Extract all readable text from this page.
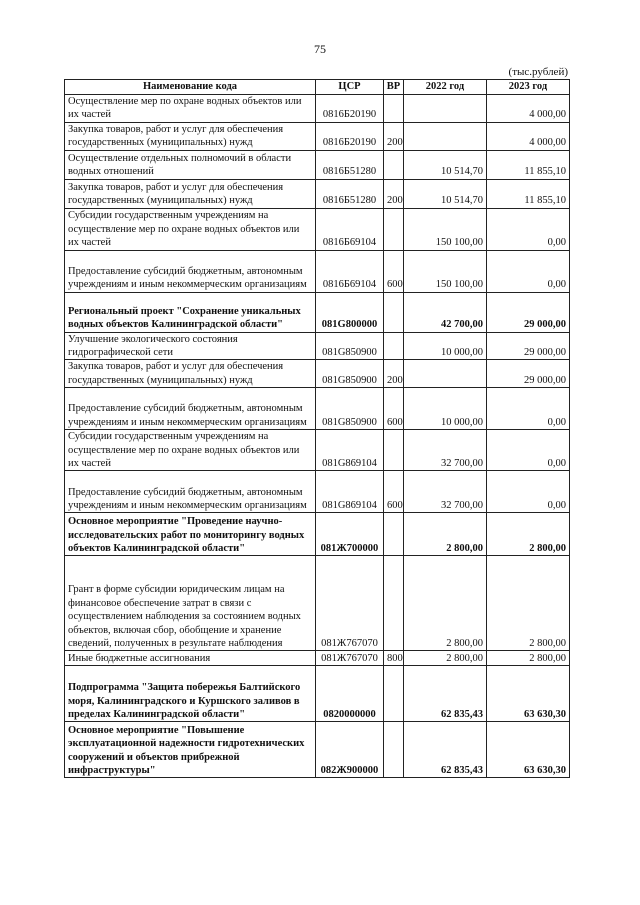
75
(тыс.рублей)
Наименование кода	ЦСР	ВР	2022 год	2023 год
Осуществление мер по охране водных объектов или их частей	0816Б20190			4 000,00
Закупка товаров, работ и услуг для обеспечения государственных (муниципальных) нужд	0816Б20190	200		4 000,00
Осуществление отдельных полномочий в области водных отношений	0816Б51280		10 514,70	11 855,10
Закупка товаров, работ и услуг для обеспечения государственных (муниципальных) нужд	0816Б51280	200	10 514,70	11 855,10
Субсидии государственным учреждениям на осуществление мер по охране водных объектов или их частей	0816Б69104		150 100,00	0,00
Предоставление субсидий бюджетным, автономным учреждениям и иным некоммерческим организациям	0816Б69104	600	150 100,00	0,00
Региональный проект "Сохранение уникальных водных объектов Калининградской области"	081G800000		42 700,00	29 000,00
Улучшение экологического состояния гидрографической сети	081G850900		10 000,00	29 000,00
Закупка товаров, работ и услуг для обеспечения государственных (муниципальных) нужд	081G850900	200		29 000,00
Предоставление субсидий бюджетным, автономным учреждениям и иным некоммерческим организациям	081G850900	600	10 000,00	0,00
Субсидии государственным учреждениям на осуществление мер по охране водных объектов или их частей	081G869104		32 700,00	0,00
Предоставление субсидий бюджетным, автономным учреждениям и иным некоммерческим организациям	081G869104	600	32 700,00	0,00
Основное мероприятие "Проведение научно-исследовательских работ по мониторингу водных объектов Калининградской области"	081Ж700000		2 800,00	2 800,00
Грант в форме субсидии юридическим лицам на финансовое обеспечение затрат в связи с осуществлением наблюдения за состоянием водных объектов, включая сбор, обобщение и хранение сведений, полученных в результате наблюдения	081Ж767070		2 800,00	2 800,00
Иные бюджетные ассигнования	081Ж767070	800	2 800,00	2 800,00
Подпрограмма "Защита побережья Балтийского моря, Калининградского и Куршского заливов в пределах Калининградской области"	0820000000		62 835,43	63 630,30
Основное мероприятие "Повышение эксплуатационной надежности гидротехнических сооружений и объектов прибрежной инфраструктуры"	082Ж900000		62 835,43	63 630,30
